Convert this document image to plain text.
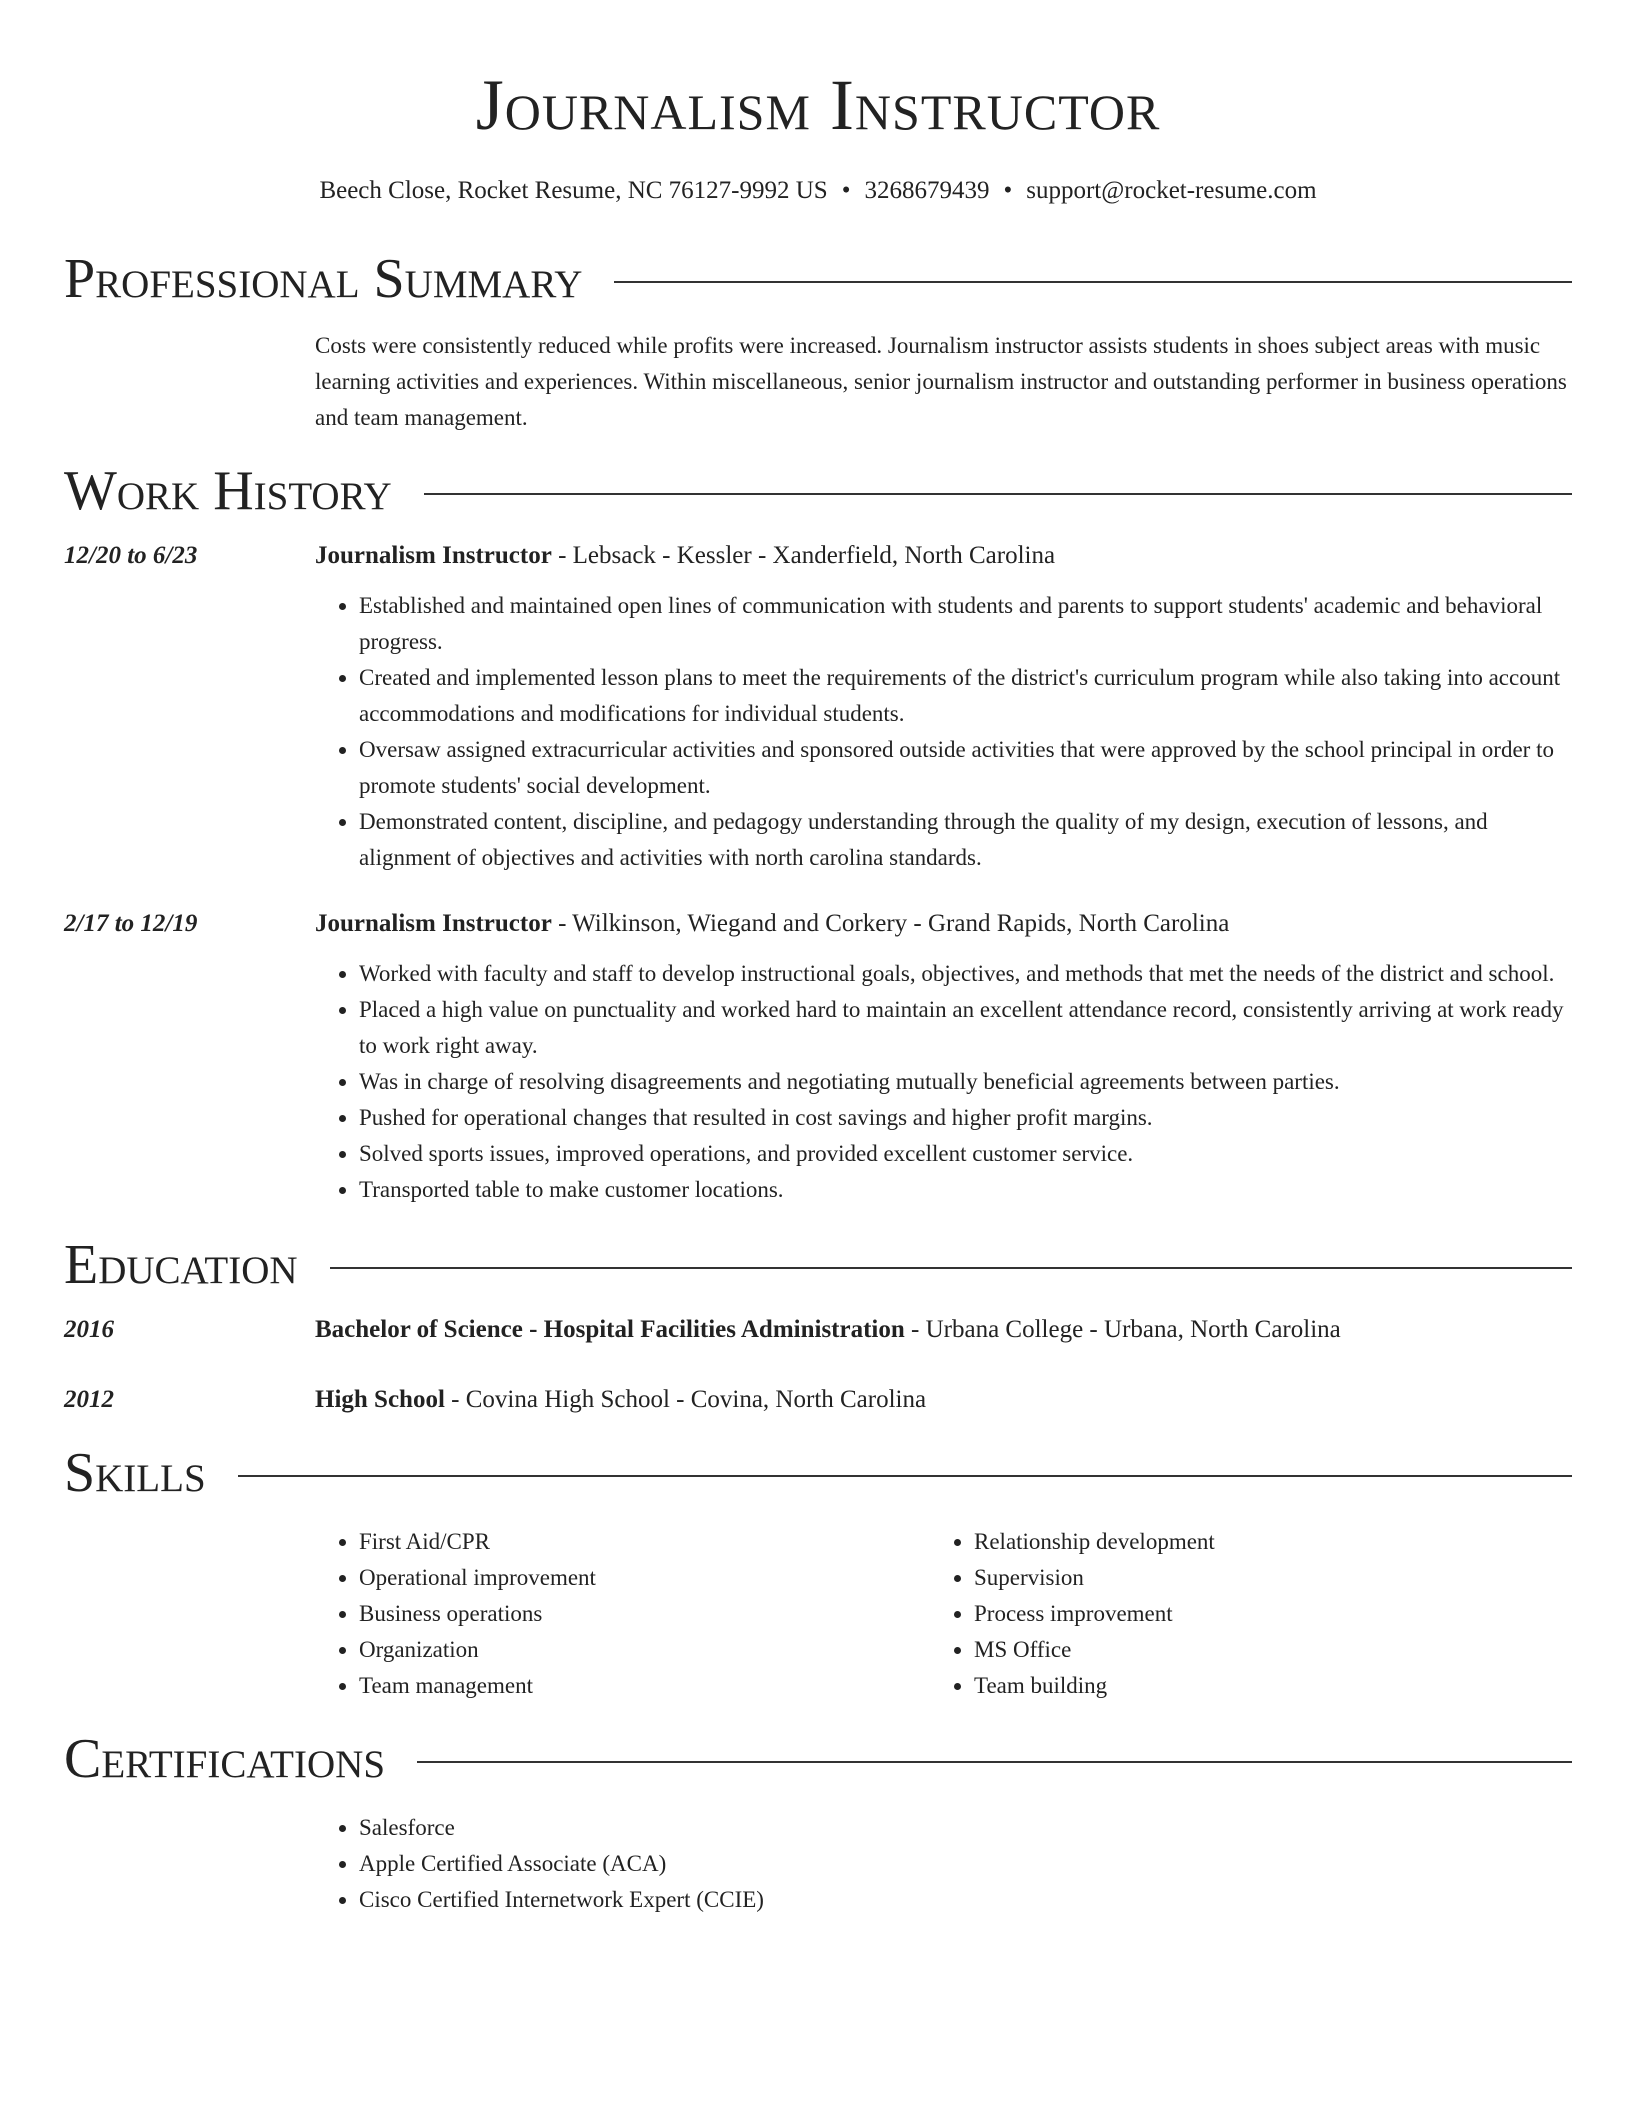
Journalism Instructor
Beech Close, Rocket Resume, NC 76127-9992 US • 3268679439 • support@rocket-resume.com
Professional Summary
Costs were consistently reduced while profits were increased. Journalism instructor assists students in shoes subject areas with music learning activities and experiences. Within miscellaneous, senior journalism instructor and outstanding performer in business operations and team management.
Work History
12/20 to 6/23	Journalism Instructor - Lebsack - Kessler - Xanderfield, North Carolina
• Established and maintained open lines of communication with students and parents to support students' academic and behavioral progress.
• Created and implemented lesson plans to meet the requirements of the district's curriculum program while also taking into account accommodations and modifications for individual students.
• Oversaw assigned extracurricular activities and sponsored outside activities that were approved by the school principal in order to promote students' social development.
• Demonstrated content, discipline, and pedagogy understanding through the quality of my design, execution of lessons, and alignment of objectives and activities with north carolina standards.
2/17 to 12/19	Journalism Instructor - Wilkinson, Wiegand and Corkery - Grand Rapids, North Carolina
• Worked with faculty and staff to develop instructional goals, objectives, and methods that met the needs of the district and school.
• Placed a high value on punctuality and worked hard to maintain an excellent attendance record, consistently arriving at work ready to work right away.
• Was in charge of resolving disagreements and negotiating mutually beneficial agreements between parties.
• Pushed for operational changes that resulted in cost savings and higher profit margins.
• Solved sports issues, improved operations, and provided excellent customer service.
• Transported table to make customer locations.
Education
2016	Bachelor of Science - Hospital Facilities Administration - Urbana College - Urbana, North Carolina
2012	High School - Covina High School - Covina, North Carolina
Skills
• First Aid/CPR
• Operational improvement
• Business operations
• Organization
• Team management
• Relationship development
• Supervision
• Process improvement
• MS Office
• Team building
Certifications
• Salesforce
• Apple Certified Associate (ACA)
• Cisco Certified Internetwork Expert (CCIE)
